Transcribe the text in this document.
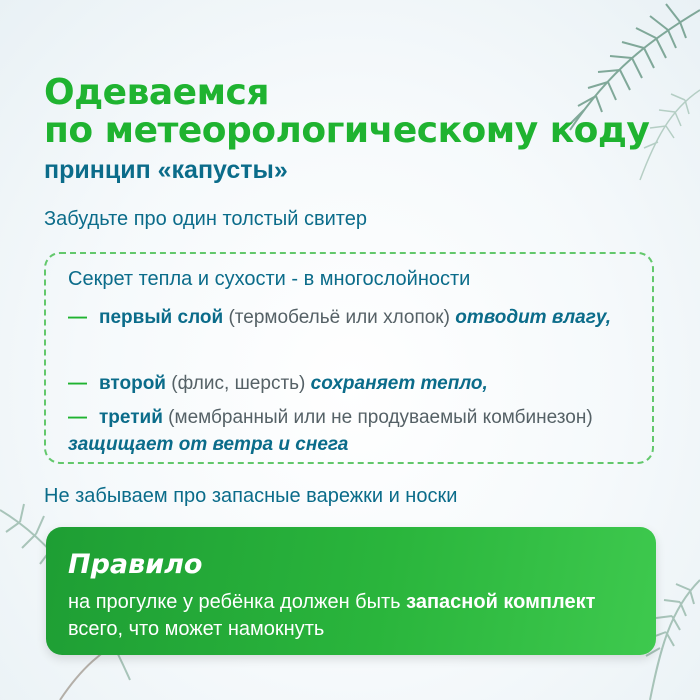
Одеваемся
по метеорологическому коду
принцип «капусты»
Забудьте про один толстый свитер
Секрет тепла и сухости - в многослойности
— первый слой (термобельё или хлопок) отводит влагу,
— второй (флис, шерсть) сохраняет тепло,
— третий (мембранный или не продуваемый комбинезон) защищает от ветра и снега
Не забываем про запасные варежки и носки
Правило
на прогулке у ребёнка должен быть запасной комплект всего, что может намокнуть
